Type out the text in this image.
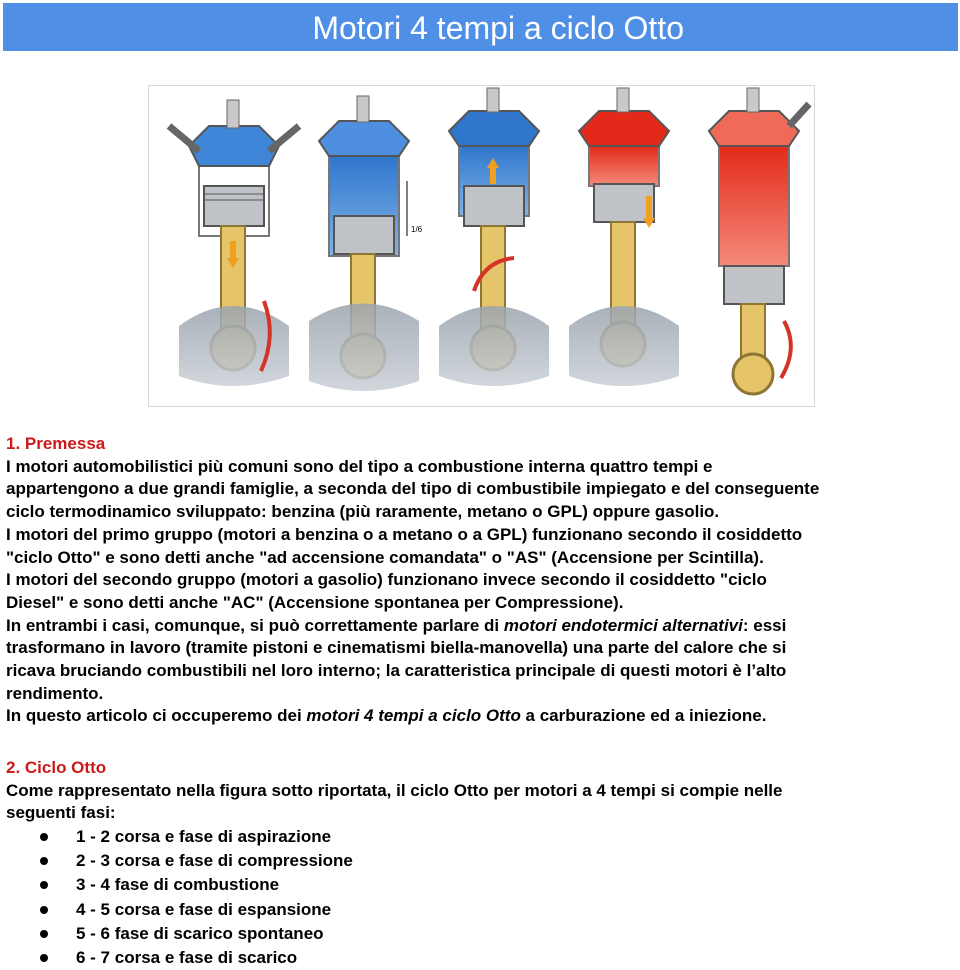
Motori 4 tempi a ciclo Otto
1/6
1. Premessa
I motori automobilistici più comuni sono del tipo a combustione interna quattro tempi e
appartengono a due grandi famiglie, a seconda del tipo di combustibile impiegato e del conseguente
ciclo termodinamico sviluppato: benzina (più raramente, metano o GPL) oppure gasolio.
I motori del primo gruppo (motori a benzina o a metano o a GPL) funzionano secondo il cosiddetto
"ciclo Otto" e sono detti anche "ad accensione comandata" o "AS" (Accensione per Scintilla).
I motori del secondo gruppo (motori a gasolio) funzionano invece secondo il cosiddetto "ciclo
Diesel" e sono detti anche "AC" (Accensione spontanea per Compressione).
In entrambi i casi, comunque, si può correttamente parlare di motori endotermici alternativi: essi
trasformano in lavoro (tramite pistoni e cinematismi biella-manovella) una parte del calore che si
ricava bruciando combustibili nel loro interno; la caratteristica principale di questi motori è l’alto
rendimento.
In questo articolo ci occuperemo dei motori 4 tempi a ciclo Otto a carburazione ed a iniezione.
2. Ciclo Otto
Come rappresentato nella figura sotto riportata, il ciclo Otto per motori a 4 tempi si compie nelle
seguenti fasi:
1 - 2 corsa e fase di aspirazione
2 - 3 corsa e fase di compressione
3 - 4 fase di combustione
4 - 5 corsa e fase di espansione
5 - 6 fase di scarico spontaneo
6 - 7 corsa e fase di scarico
